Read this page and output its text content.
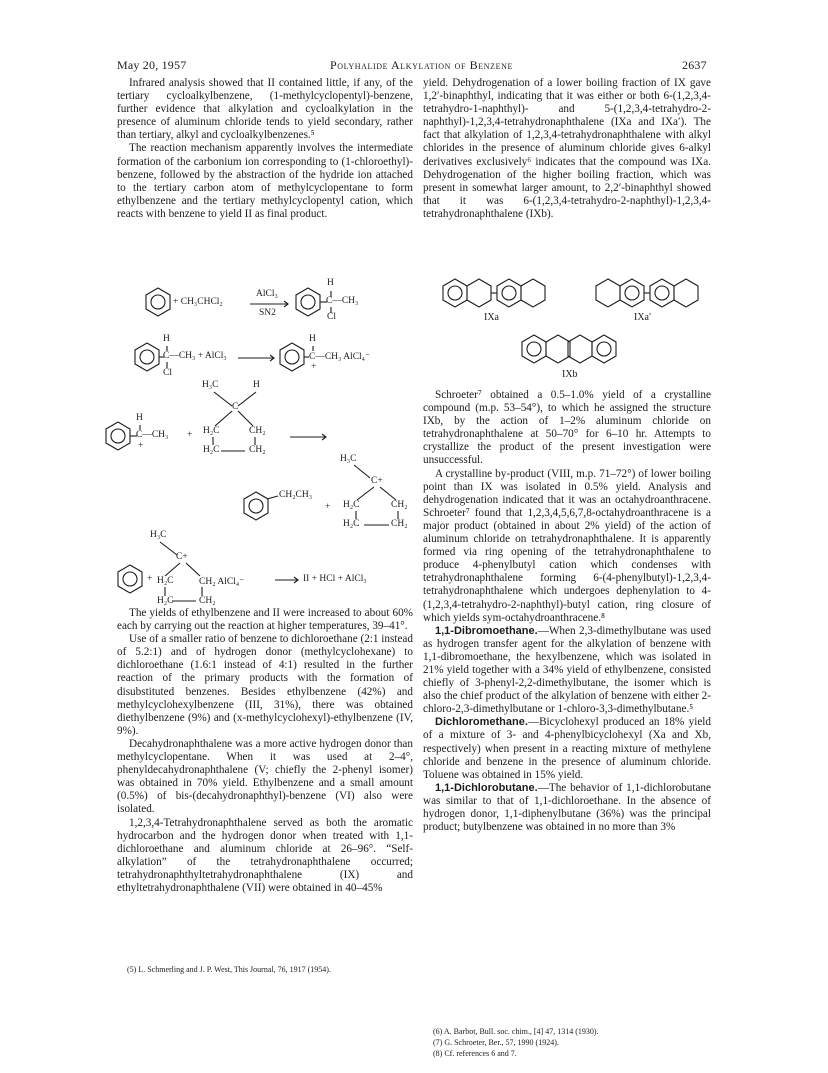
May 20, 1957	Polyhalide Alkylation of Benzene	2637

Infrared analysis showed that II contained little, if any, of the tertiary cycloalkylbenzene, (1-methylcyclopentyl)-benzene, further evidence that alkylation and cycloalkylation in the presence of aluminum chloride tends to yield secondary, rather than tertiary, alkyl and cycloalkylbenzenes.⁵

The reaction mechanism apparently involves the intermediate formation of the carbonium ion corresponding to (1-chloroethyl)-benzene, followed by the abstraction of the hydride ion attached to the tertiary carbon atom of methylcyclopentane to form ethylbenzene and the tertiary methylcyclopentyl cation, which reacts with benzene to yield II as final product.

+ CH₃CHCl₂
AlCl₃
SN2
H
C—CH₃
Cl
H
C—CH₃ + AlCl₃
Cl
H
C—CH₃ AlCl₄⁻
+
H₃C	H
C
H₂C	CH₂
H₂C	CH₂
H
C—CH₃ +
+
H₃C
C+
CH₂CH₃
+ H₂C	CH₂
H₂C	CH₂
H₃C
C+
+ H₂C	CH₂ AlCl₄⁻	II + HCl + AlCl₃
H₂C	CH₂

The yields of ethylbenzene and II were increased to about 60% each by carrying out the reaction at higher temperatures, 39–41°.

Use of a smaller ratio of benzene to dichloroethane (2:1 instead of 5.2:1) and of hydrogen donor (methylcyclohexane) to dichloroethane (1.6:1 instead of 4:1) resulted in the further reaction of the primary products with the formation of disubstituted benzenes. Besides ethylbenzene (42%) and methylcyclohexylbenzene (III, 31%), there was obtained diethylbenzene (9%) and (x-methylcyclohexyl)-ethylbenzene (IV, 9%).

Decahydronaphthalene was a more active hydrogen donor than methylcyclopentane. When it was used at 2–4°, phenyldecahydronaphthalene (V; chiefly the 2-phenyl isomer) was obtained in 70% yield. Ethylbenzene and a small amount (0.5%) of bis-(decahydronaphthyl)-benzene (VI) also were isolated.

1,2,3,4-Tetrahydronaphthalene served as both the aromatic hydrocarbon and the hydrogen donor when treated with 1,1-dichloroethane and aluminum chloride at 26–96°. “Self-alkylation” of the tetrahydronaphthalene occurred; tetrahydronaphthyltetrahydronaphthalene (IX) and ethyltetrahydronaphthalene (VII) were obtained in 40–45%

yield. Dehydrogenation of a lower boiling fraction of IX gave 1,2′-binaphthyl, indicating that it was either or both 6-(1,2,3,4-tetrahydro-1-naphthyl)- and 5-(1,2,3,4-tetrahydro-2-naphthyl)-1,2,3,4-tetrahydronaphthalene (IXa and IXa′). The fact that alkylation of 1,2,3,4-tetrahydronaphthalene with alkyl chlorides in the presence of aluminum chloride gives 6-alkyl derivatives exclusively⁶ indicates that the compound was IXa. Dehydrogenation of the higher boiling fraction, which was present in somewhat larger amount, to 2,2′-binaphthyl showed that it was 6-(1,2,3,4-tetrahydro-2-naphthyl)-1,2,3,4-tetrahydronaphthalene (IXb).

IXa	IXa′
IXb

Schroeter⁷ obtained a 0.5–1.0% yield of a crystalline compound (m.p. 53–54°), to which he assigned the structure IXb, by the action of 1–2% aluminum chloride on tetrahydronaphthalene at 50–70° for 6–10 hr. Attempts to crystallize the product of the present investigation were unsuccessful.

A crystalline by-product (VIII, m.p. 71–72°) of lower boiling point than IX was isolated in 0.5% yield. Analysis and dehydrogenation indicated that it was an octahydroanthracene. Schroeter⁷ found that 1,2,3,4,5,6,7,8-octahydroanthracene is a major product (obtained in about 2% yield) of the action of aluminum chloride on tetrahydronaphthalene. It is apparently formed via ring opening of the tetrahydronaphthalene to produce 4-phenylbutyl cation which condenses with tetrahydronaphthalene forming 6-(4-phenylbutyl)-1,2,3,4-tetrahydronaphthalene which undergoes dephenylation to 4-(1,2,3,4-tetrahydro-2-naphthyl)-butyl cation, ring closure of which yields sym-octahydroanthracene.⁸

1,1-Dibromoethane.—When 2,3-dimethylbutane was used as hydrogen transfer agent for the alkylation of benzene with 1,1-dibromoethane, the hexylbenzene, which was isolated in 21% yield together with a 34% yield of ethylbenzene, consisted chiefly of 3-phenyl-2,2-dimethylbutane, the isomer which is also the chief product of the alkylation of benzene with either 2-chloro-2,3-dimethylbutane or 1-chloro-3,3-dimethylbutane.⁵

Dichloromethane.—Bicyclohexyl produced an 18% yield of a mixture of 3- and 4-phenylbicyclohexyl (Xa and Xb, respectively) when present in a reacting mixture of methylene chloride and benzene in the presence of aluminum chloride. Toluene was obtained in 15% yield.

1,1-Dichlorobutane.—The behavior of 1,1-dichlorobutane was similar to that of 1,1-dichloroethane. In the absence of hydrogen donor, 1,1-diphenylbutane (36%) was the principal product; butylbenzene was obtained in no more than 3%

(5) L. Schmerling and J. P. West, This Journal, 76, 1917 (1954).
(6) A. Barbot, Bull. soc. chim., [4] 47, 1314 (1930).
(7) G. Schroeter, Ber., 57, 1990 (1924).
(8) Cf. references 6 and 7.
